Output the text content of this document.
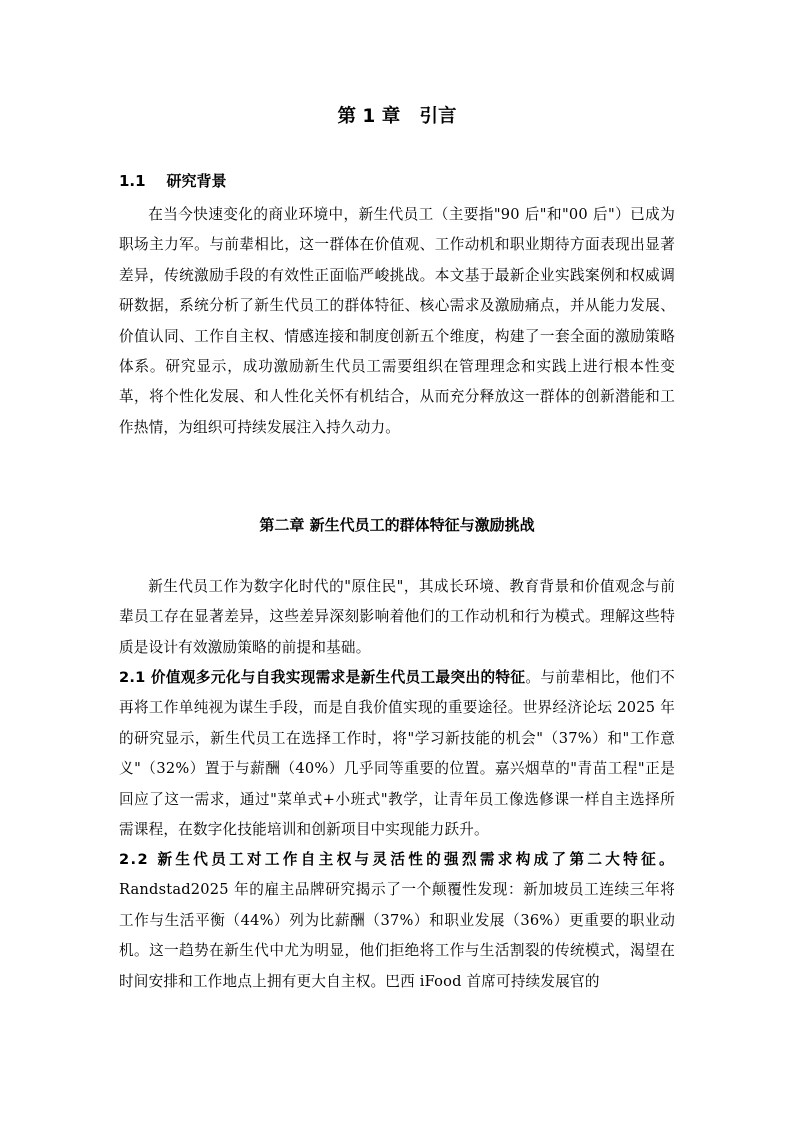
第 1 章   引言
1.1    研究背景

在当今快速变化的商业环境中，新生代员工（主要指"90 后"和"00 后"）已成为职场主力军。与前辈相比，这一群体在价值观、工作动机和职业期待方面表现出显著差异，传统激励手段的有效性正面临严峻挑战。本文基于最新企业实践案例和权威调研数据，系统分析了新生代员工的群体特征、核心需求及激励痛点，并从能力发展、价值认同、工作自主权、情感连接和制度创新五个维度，构建了一套全面的激励策略体系。研究显示，成功激励新生代员工需要组织在管理理念和实践上进行根本性变革，将个性化发展、和人性化关怀有机结合，从而充分释放这一群体的创新潜能和工作热情，为组织可持续发展注入持久动力。

第二章 新生代员工的群体特征与激励挑战

新生代员工作为数字化时代的"原住民"，其成长环境、教育背景和价值观念与前辈员工存在显著差异，这些差异深刻影响着他们的工作动机和行为模式。理解这些特质是设计有效激励策略的前提和基础。

2.1 价值观多元化与自我实现需求是新生代员工最突出的特征。与前辈相比，他们不再将工作单纯视为谋生手段，而是自我价值实现的重要途径。世界经济论坛 2025 年的研究显示，新生代员工在选择工作时，将"学习新技能的机会"（37%）和"工作意义"（32%）置于与薪酬（40%）几乎同等重要的位置。嘉兴烟草的"青苗工程"正是回应了这一需求，通过"菜单式+小班式"教学，让青年员工像选修课一样自主选择所需课程，在数字化技能培训和创新项目中实现能力跃升。

2.2 新生代员工对工作自主权与灵活性的强烈需求构成了第二大特征。Randstad2025 年的雇主品牌研究揭示了一个颠覆性发现：新加坡员工连续三年将工作与生活平衡（44%）列为比薪酬（37%）和职业发展（36%）更重要的职业动机。这一趋势在新生代中尤为明显，他们拒绝将工作与生活割裂的传统模式，渴望在时间安排和工作地点上拥有更大自主权。巴西 iFood 首席可持续发展官的
